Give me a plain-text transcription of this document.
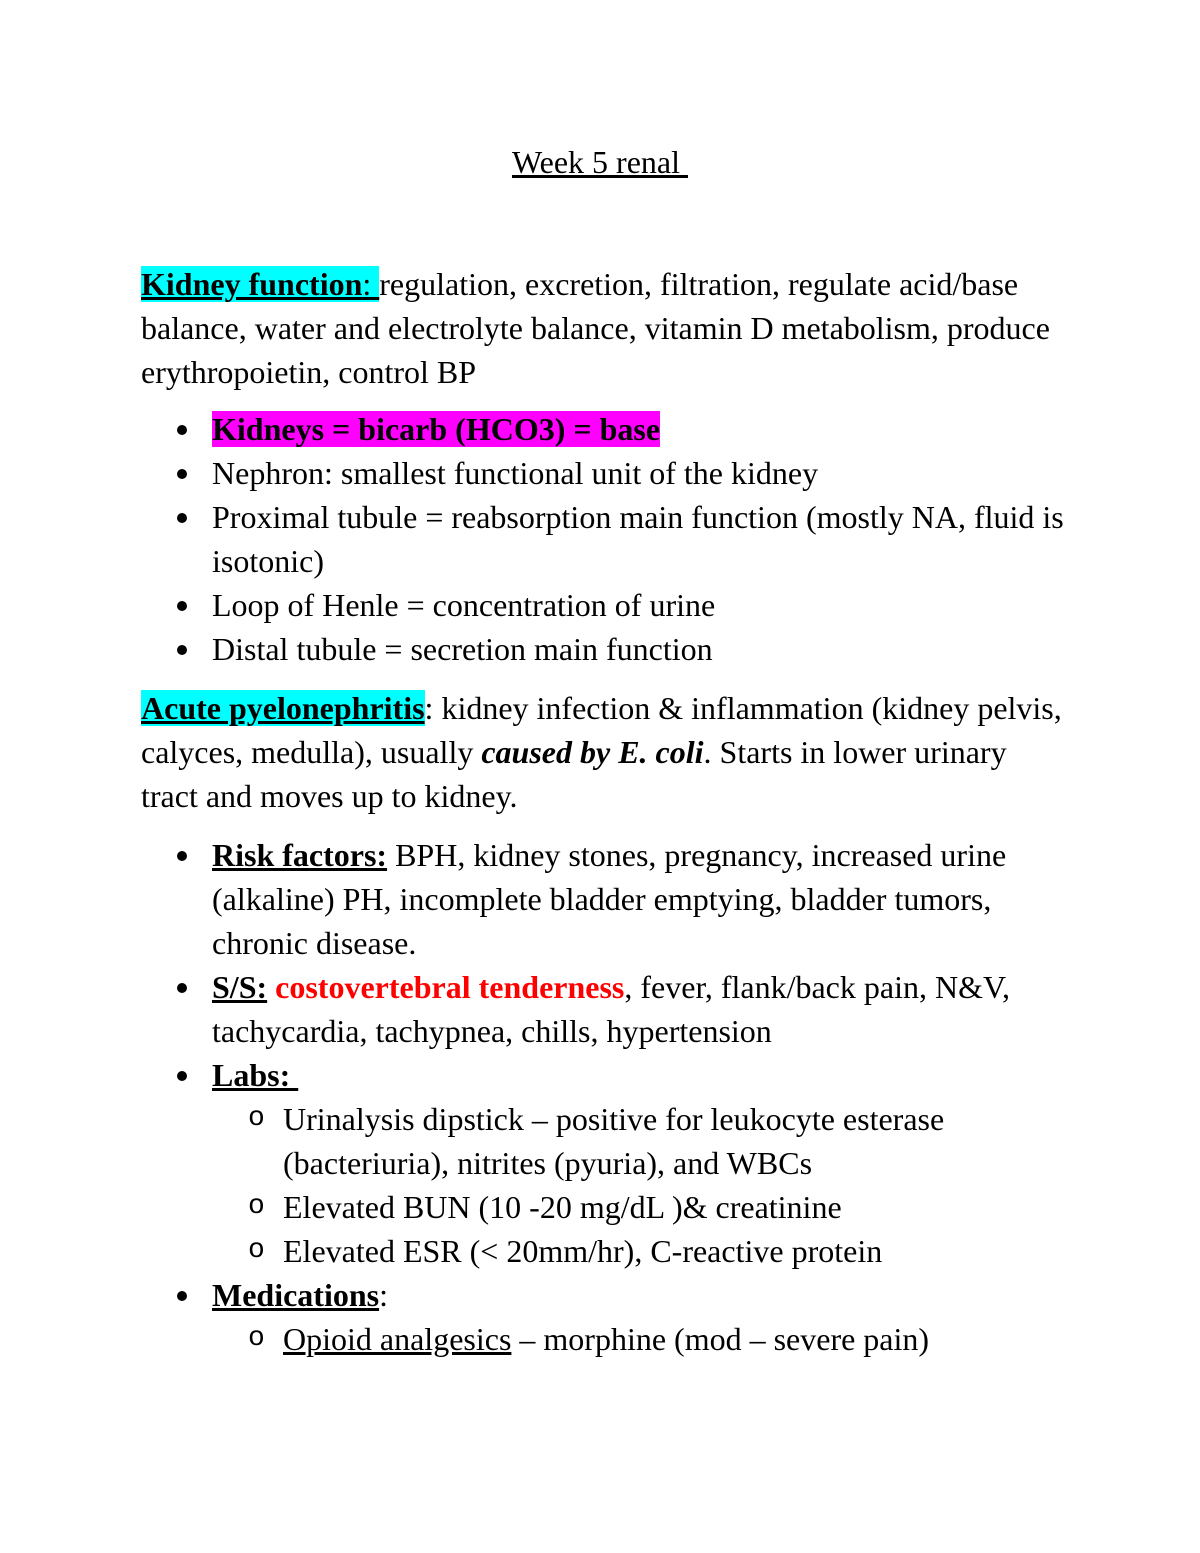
Week 5 renal
Kidney function: regulation, excretion, filtration, regulate acid/base balance, water and electrolyte balance, vitamin D metabolism, produce erythropoietin, control BP
Kidneys = bicarb (HCO3) = base
Nephron: smallest functional unit of the kidney
Proximal tubule = reabsorption main function (mostly NA, fluid is isotonic)
Loop of Henle = concentration of urine
Distal tubule = secretion main function
Acute pyelonephritis: kidney infection & inflammation (kidney pelvis, calyces, medulla), usually caused by E. coli. Starts in lower urinary tract and moves up to kidney.
Risk factors: BPH, kidney stones, pregnancy, increased urine (alkaline) PH, incomplete bladder emptying, bladder tumors, chronic disease.
S/S: costovertebral tenderness, fever, flank/back pain, N&V, tachycardia, tachypnea, chills, hypertension
Labs:
o Urinalysis dipstick – positive for leukocyte esterase (bacteriuria), nitrites (pyuria), and WBCs
o Elevated BUN (10 -20 mg/dL )& creatinine
o Elevated ESR (< 20mm/hr), C-reactive protein
Medications:
o Opioid analgesics – morphine (mod – severe pain)
